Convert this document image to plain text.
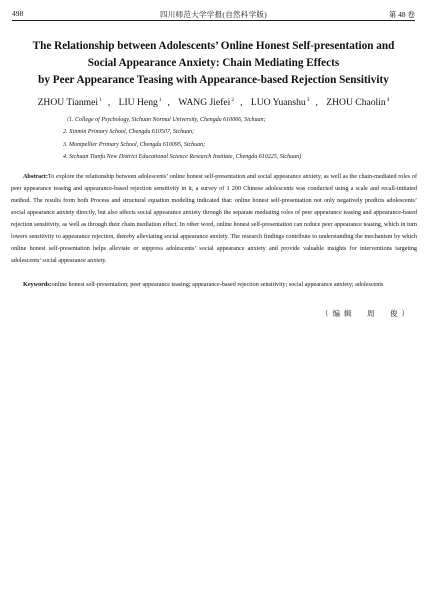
498	四川师范大学学报(自然科学版)	第 48 卷
The Relationship between Adolescents’ Online Honest Self-presentation and
Social Appearance Anxiety: Chain Mediating Effects
by Peer Appearance Teasing with Appearance-based Rejection Sensitivity
ZHOU Tianmei$^1$ , LIU Heng$^1$ , WANG Jiefei$^2$ , LUO Yuanshu$^3$ , ZHOU Chaolin$^4$
（1. College of Psychology, Sichuan Normal University, Chengdu 610066, Sichuan;
2. Xinmin Primary School, Chengdu 610507, Sichuan;
3. Montpellier Primary School, Chengdu 610095, Sichuan;
4. Sichuan Tianfu New District Educational Science Research Institute, Chengdu 610225, Sichuan)

Abstract:To explore the relationship between adolescents’ online honest self-presentation and social appearance anxiety, as well as the chain-mediated roles of peer appearance teasing and appearance-based rejection sensitivity in it, a survey of 1 200 Chinese adolescents was conducted using a scale and recall-initiated method. The results from both Process and structural equation modeling indicated that: online honest self-presentation not only negatively predicts adolescents’ social appearance anxiety directly, but also affects social appearance anxiety through the separate mediating roles of peer appearance teasing and appearance-based rejection sensitivity, as well as through their chain mediation effect. In other word, online honest self-presentation can reduce peer appearance teasing, which in turn lowers sensitivity to appearance rejection, thereby alleviating social appearance anxiety. The research findings contribute to understanding the mechanism by which online honest self-presentation helps alleviate or suppress adolescents’ social appearance anxiety and provide valuable insights for interventions targeting adolescents’ social appearance anxiety.

Keywords:online honest self-presentation; peer appearance teasing; appearance-based rejection sensitivity; social appearance anxiety; adolescents

（编辑　周　俊）
